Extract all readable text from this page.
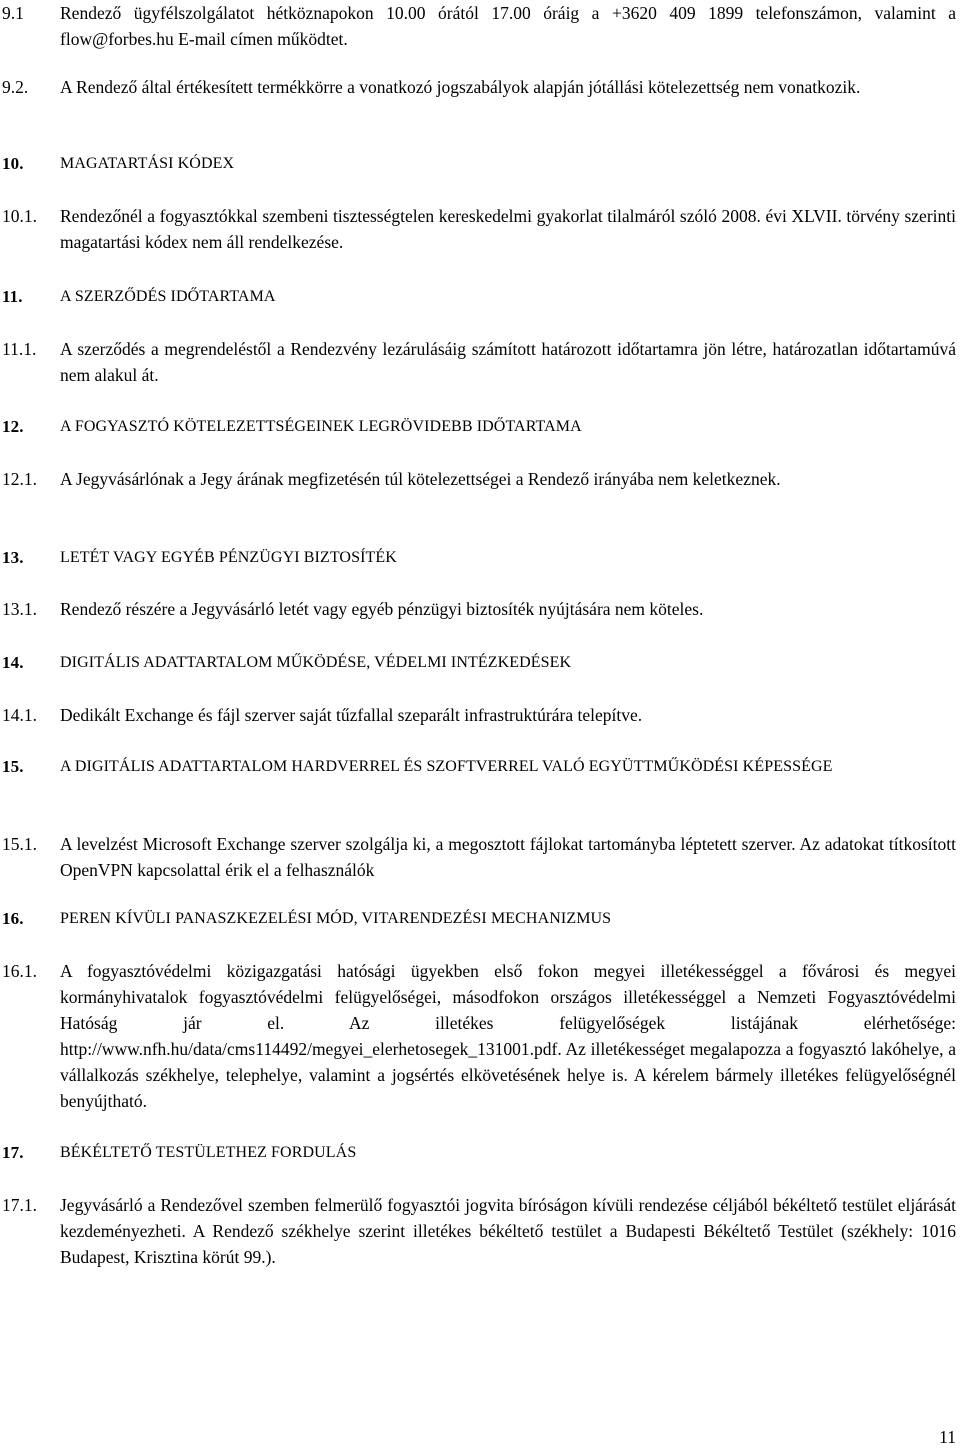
9.1	Rendező ügyfélszolgálatot hétköznapokon 10.00 órától 17.00 óráig a +3620 409 1899 telefonszámon, valamint a flow@forbes.hu E-mail címen működtet.
9.2.	A Rendező által értékesített termékkörre a vonatkozó jogszabályok alapján jótállási kötelezettség nem vonatkozik.
10.	MAGATARTÁSI KÓDEX
10.1.	Rendezőnél a fogyasztókkal szembeni tisztességtelen kereskedelmi gyakorlat tilalmáról szóló 2008. évi XLVII. törvény szerinti magatartási kódex nem áll rendelkezése.
11.	A SZERZŐDÉS IDŐTARTAMA
11.1.	A szerződés a megrendeléstől a Rendezvény lezárulásáig számított határozott időtartamra jön létre, határozatlan időtartamúvá nem alakul át.
12.	A FOGYASZTÓ KÖTELEZETTSÉGEINEK LEGRÖVIDEBB IDŐTARTAMA
12.1.	A Jegyvásárlónak a Jegy árának megfizetésén túl kötelezettségei a Rendező irányába nem keletkeznek.
13.	LETÉT VAGY EGYÉB PÉNZÜGYI BIZTOSÍTÉK
13.1.	Rendező részére a Jegyvásárló letét vagy egyéb pénzügyi biztosíték nyújtására nem köteles.
14.	DIGITÁLIS ADATTARTALOM MŰKÖDÉSE, VÉDELMI INTÉZKEDÉSEK
14.1.	Dedikált Exchange és fájl szerver saját tűzfallal szeparált infrastruktúrára telepítve.
15.	A DIGITÁLIS ADATTARTALOM HARDVERREL ÉS SZOFTVERREL VALÓ EGYÜTTMŰKÖDÉSI KÉPESSÉGE
15.1.	A levelzést Microsoft Exchange szerver szolgálja ki, a megosztott fájlokat tartományba léptetett szerver. Az adatokat títkosított OpenVPN kapcsolattal érik el a felhasználók
16.	PEREN KÍVÜLI PANASZKEZELÉSI MÓD, VITARENDEZÉSI MECHANIZMUS
16.1.	A fogyasztóvédelmi közigazgatási hatósági ügyekben első fokon megyei illetékességgel a fővárosi és megyei kormányhivatalok fogyasztóvédelmi felügyelőségei, másodfokon országos illetékességgel a Nemzeti Fogyasztóvédelmi Hatóság jár el. Az illetékes felügyelőségek listájának elérhetősége: http://www.nfh.hu/data/cms114492/megyei_elerhetosegek_131001.pdf. Az illetékességet megalapozza a fogyasztó lakóhelye, a vállalkozás székhelye, telephelye, valamint a jogsértés elkövetésének helye is. A kérelem bármely illetékes felügyelőségnél benyújtható.
17.	BÉKÉLTETŐ TESTÜLETHEZ FORDULÁS
17.1.	Jegyvásárló a Rendezővel szemben felmerülő fogyasztói jogvita bíróságon kívüli rendezése céljából békéltető testület eljárását kezdeményezheti. A Rendező székhelye szerint illetékes békéltető testület a Budapesti Békéltető Testület (székhely: 1016 Budapest, Krisztina körút 99.).
11
